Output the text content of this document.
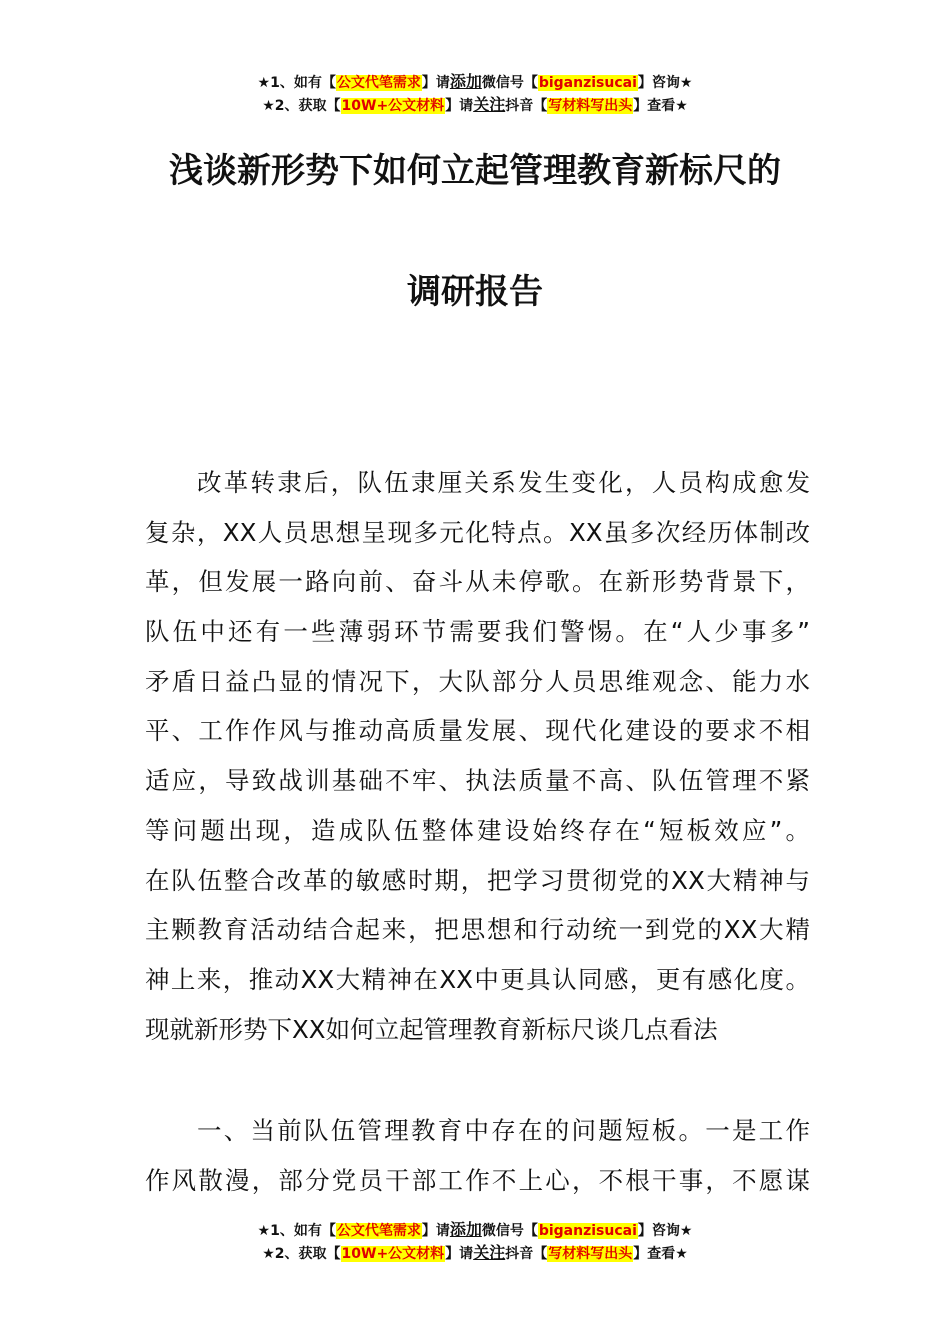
★1、如有【公文代笔需求】请添加微信号【biganzisucai】咨询★
★2、获取【10W+公文材料】请关注抖音【写材料写出头】查看★
浅谈新形势下如何立起管理教育新标尺的
调研报告
改革转隶后，队伍隶厘关系发生变化，人员构成愈发
复杂，XX人员思想呈现多元化特点。XX虽多次经历体制改
革，但发展一路向前、奋斗从未停歌。在新形势背景下，
队伍中还有一些薄弱环节需要我们警惕。在“人少事多”
矛盾日益凸显的情况下，大队部分人员思维观念、能力水
平、工作作风与推动高质量发展、现代化建设的要求不相
适应，导致战训基础不牢、执法质量不高、队伍管理不紧
等问题出现，造成队伍整体建设始终存在“短板效应”。
在队伍整合改革的敏感时期，把学习贯彻党的XX大精神与
主颗教育活动结合起来，把思想和行动统一到党的XX大精
神上来，推动XX大精神在XX中更具认同感，更有感化度。
现就新形势下XX如何立起管理教育新标尺谈几点看法
一、当前队伍管理教育中存在的问题短板。一是工作
作风散漫，部分党员干部工作不上心，不根干事，不愿谋
★1、如有【公文代笔需求】请添加微信号【biganzisucai】咨询★
★2、获取【10W+公文材料】请关注抖音【写材料写出头】查看★
